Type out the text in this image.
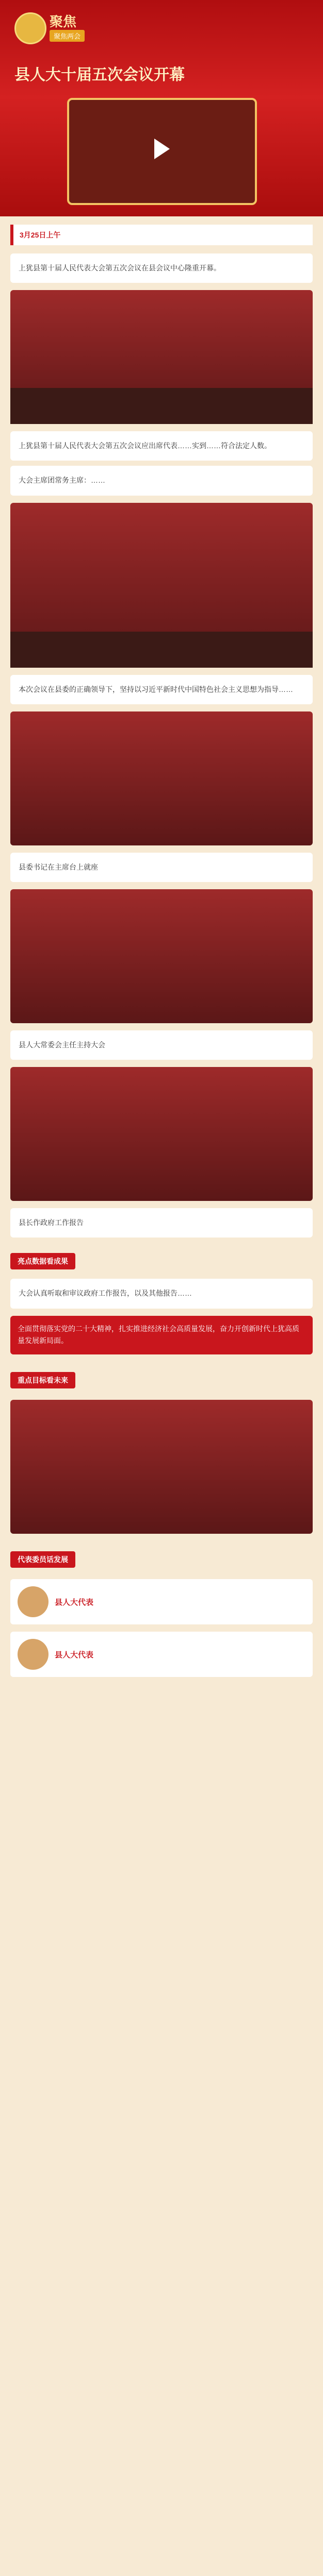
聚焦
聚焦两会
县人大十届五次会议开幕
3月25日上午
上犹县第十届人民代表大会第五次会议在县会议中心隆重开幕。
上犹县第十届人民代表大会第五次会议应出席代表……实到……符合法定人数。
大会主席团常务主席：……
本次会议在县委的正确领导下，坚持以习近平新时代中国特色社会主义思想为指导……
县委书记在主席台上就座
县人大常委会主任主持大会
县长作政府工作报告
亮点数据看成果
大会认真听取和审议政府工作报告，以及其他报告……
全面贯彻落实党的二十大精神，扎实推进经济社会高质量发展，奋力开创新时代上犹高质量发展新局面。
重点目标看未来
代表委员话发展
县人大代表
县人大代表
